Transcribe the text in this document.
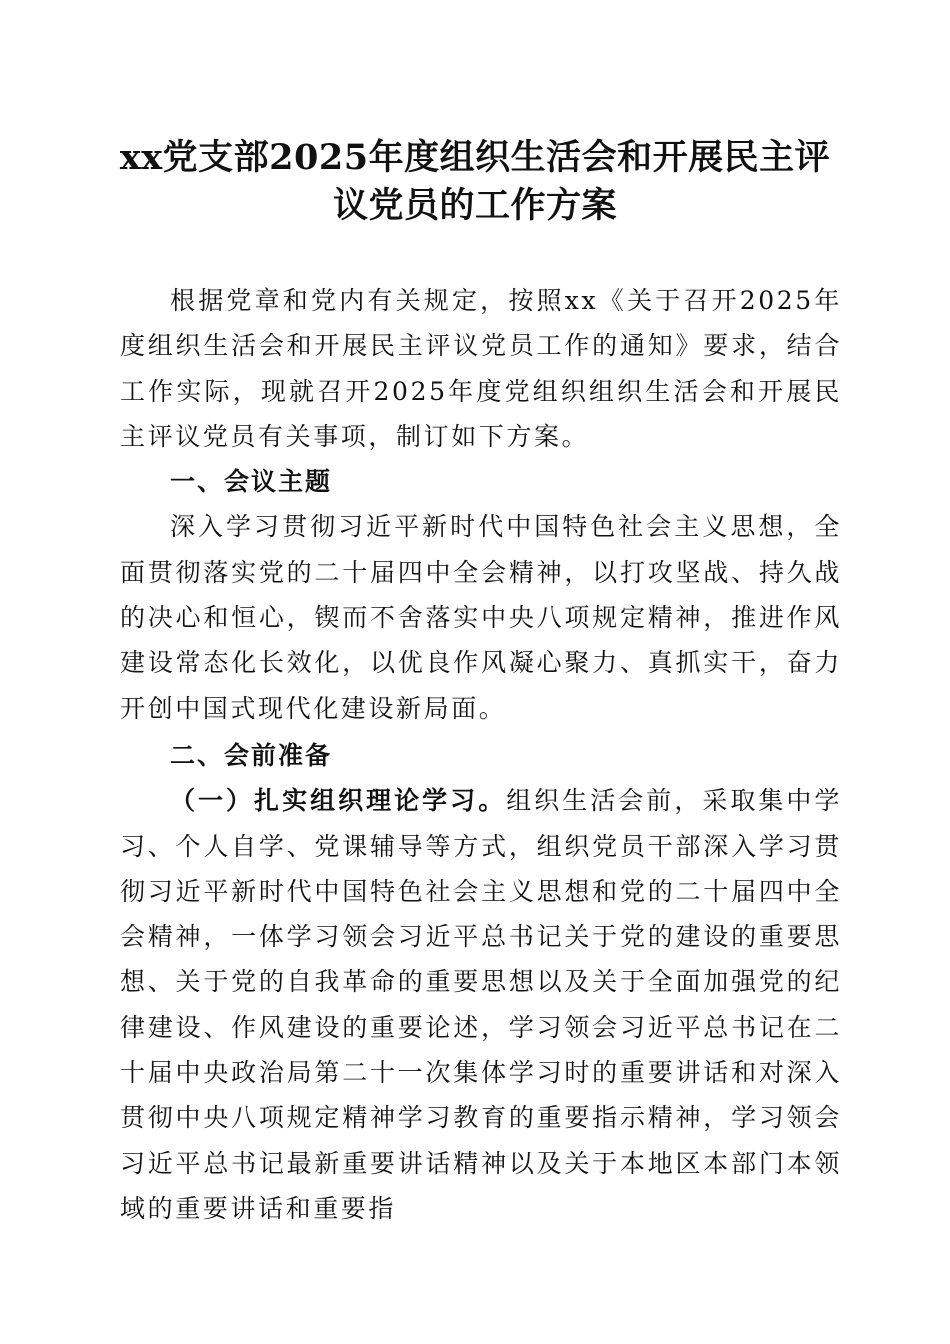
xx党支部2025年度组织生活会和开展民主评
议党员的工作方案

根据党章和党内有关规定，按照xx《关于召开2025年度组织生活会和开展民主评议党员工作的通知》要求，结合工作实际，现就召开2025年度党组织组织生活会和开展民主评议党员有关事项，制订如下方案。

一、会议主题

深入学习贯彻习近平新时代中国特色社会主义思想，全面贯彻落实党的二十届四中全会精神，以打攻坚战、持久战的决心和恒心，锲而不舍落实中央八项规定精神，推进作风建设常态化长效化，以优良作风凝心聚力、真抓实干，奋力开创中国式现代化建设新局面。

二、会前准备

（一）扎实组织理论学习。组织生活会前，采取集中学习、个人自学、党课辅导等方式，组织党员干部深入学习贯彻习近平新时代中国特色社会主义思想和党的二十届四中全会精神，一体学习领会习近平总书记关于党的建设的重要思想、关于党的自我革命的重要思想以及关于全面加强党的纪律建设、作风建设的重要论述，学习领会习近平总书记在二十届中央政治局第二十一次集体学习时的重要讲话和对深入贯彻中央八项规定精神学习教育的重要指示精神，学习领会习近平总书记最新重要讲话精神以及关于本地区本部门本领域的重要讲话和重要指
